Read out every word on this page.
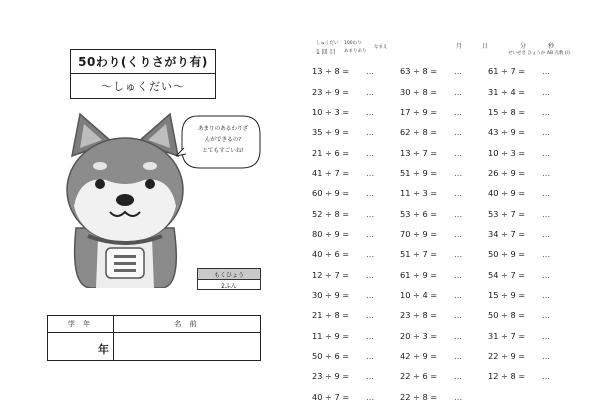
50わり(くりさがり有)
〜しゅくだい〜
あまりのあるわりざ
んができるの?
とてもすごいね!
もくひょう
2ふん
学 年	名 前
年
しゅくだい
1 回 目
100わり
あまりあり
なまえ	月	日	分	秒
せいせき ひょうか AB 点数 (/)
13 ÷ 8 =	…	63 ÷ 8 =	…	61 ÷ 7 =	…
23 ÷ 9 =	…	30 ÷ 8 =	…	31 ÷ 4 =	…
10 ÷ 3 =	…	17 ÷ 9 =	…	15 ÷ 8 =	…
35 ÷ 9 =	…	62 ÷ 8 =	…	43 ÷ 9 =	…
21 ÷ 6 =	…	13 ÷ 7 =	…	10 ÷ 3 =	…
41 ÷ 7 =	…	51 ÷ 9 =	…	26 ÷ 9 =	…
60 ÷ 9 =	…	11 ÷ 3 =	…	40 ÷ 9 =	…
52 ÷ 8 =	…	53 ÷ 6 =	…	53 ÷ 7 =	…
80 ÷ 9 =	…	70 ÷ 9 =	…	34 ÷ 7 =	…
40 ÷ 6 =	…	51 ÷ 7 =	…	50 ÷ 9 =	…
12 ÷ 7 =	…	61 ÷ 9 =	…	54 ÷ 7 =	…
30 ÷ 9 =	…	10 ÷ 4 =	…	15 ÷ 9 =	…
21 ÷ 8 =	…	23 ÷ 8 =	…	50 ÷ 8 =	…
11 ÷ 9 =	…	20 ÷ 3 =	…	31 ÷ 7 =	…
50 ÷ 6 =	…	42 ÷ 9 =	…	22 ÷ 9 =	…
23 ÷ 9 =	…	22 ÷ 6 =	…	12 ÷ 8 =	…
40 ÷ 7 =	…	22 ÷ 8 =	…
